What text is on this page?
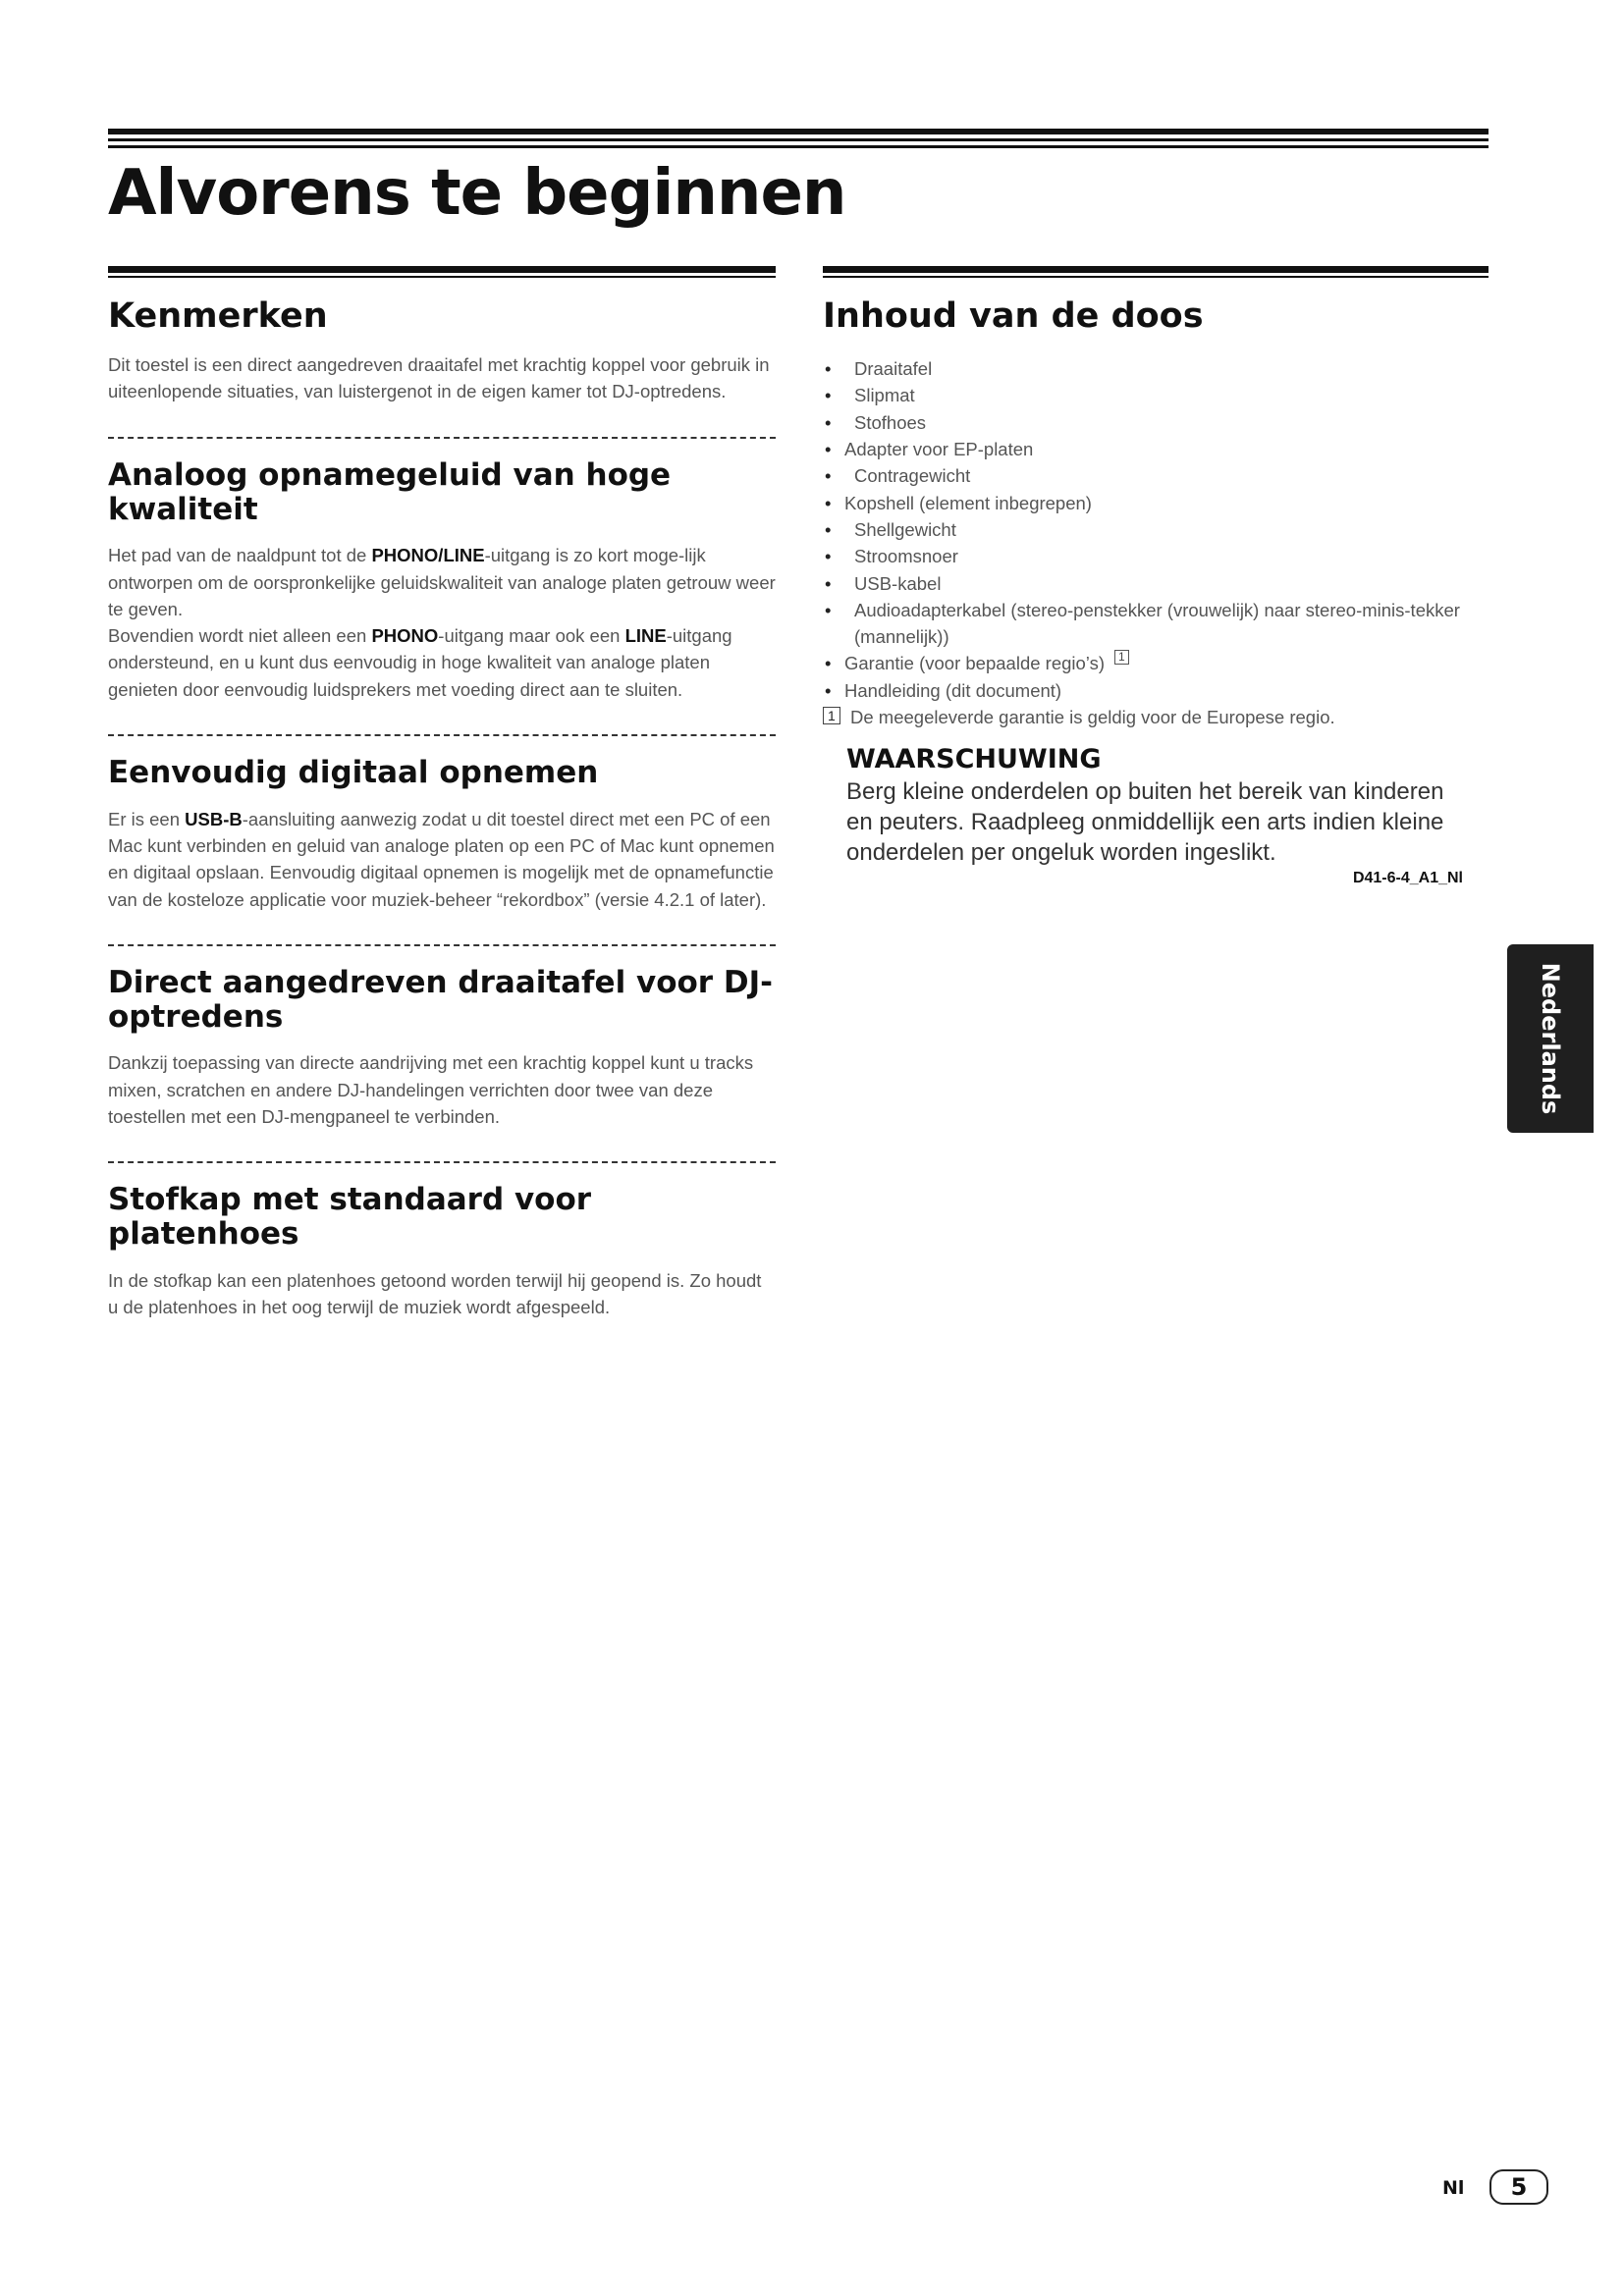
Alvorens te beginnen
Kenmerken

Dit toestel is een direct aangedreven draaitafel met krachtig koppel voor gebruik in uiteenlopende situaties, van luistergenot in de eigen kamer tot DJ-optredens.

Analoog opnamegeluid van hoge kwaliteit

Het pad van de naaldpunt tot de PHONO/LINE-uitgang is zo kort moge-lijk ontworpen om de oorspronkelijke geluidskwaliteit van analoge platen getrouw weer te geven.
Bovendien wordt niet alleen een PHONO-uitgang maar ook een LINE-uitgang ondersteund, en u kunt dus eenvoudig in hoge kwaliteit van analoge platen genieten door eenvoudig luidsprekers met voeding direct aan te sluiten.

Eenvoudig digitaal opnemen

Er is een USB-B-aansluiting aanwezig zodat u dit toestel direct met een PC of een Mac kunt verbinden en geluid van analoge platen op een PC of Mac kunt opnemen en digitaal opslaan. Eenvoudig digitaal opnemen is mogelijk met de opnamefunctie van de kosteloze applicatie voor muziek-beheer “rekordbox” (versie 4.2.1 of later).

Direct aangedreven draaitafel voor DJ-optredens

Dankzij toepassing van directe aandrijving met een krachtig koppel kunt u tracks mixen, scratchen en andere DJ-handelingen verrichten door twee van deze toestellen met een DJ-mengpaneel te verbinden.

Stofkap met standaard voor platenhoes

In de stofkap kan een platenhoes getoond worden terwijl hij geopend is. Zo houdt u de platenhoes in het oog terwijl de muziek wordt afgespeeld.

Inhoud van de doos
• Draaitafel
• Slipmat
• Stofhoes
• Adapter voor EP-platen
• Contragewicht
• Kopshell (element inbegrepen)
• Shellgewicht
• Stroomsnoer
• USB-kabel
• Audioadapterkabel (stereo-penstekker (vrouwelijk) naar stereo-minis-tekker (mannelijk))
• Garantie (voor bepaalde regio’s) 1
• Handleiding (dit document)
1 De meegeleverde garantie is geldig voor de Europese regio.
WAARSCHUWING
Berg kleine onderdelen op buiten het bereik van kinderen en peuters. Raadpleeg onmiddellijk een arts indien kleine onderdelen per ongeluk worden ingeslikt.
D41-6-4_A1_Nl
Nederlands
Nl	5
